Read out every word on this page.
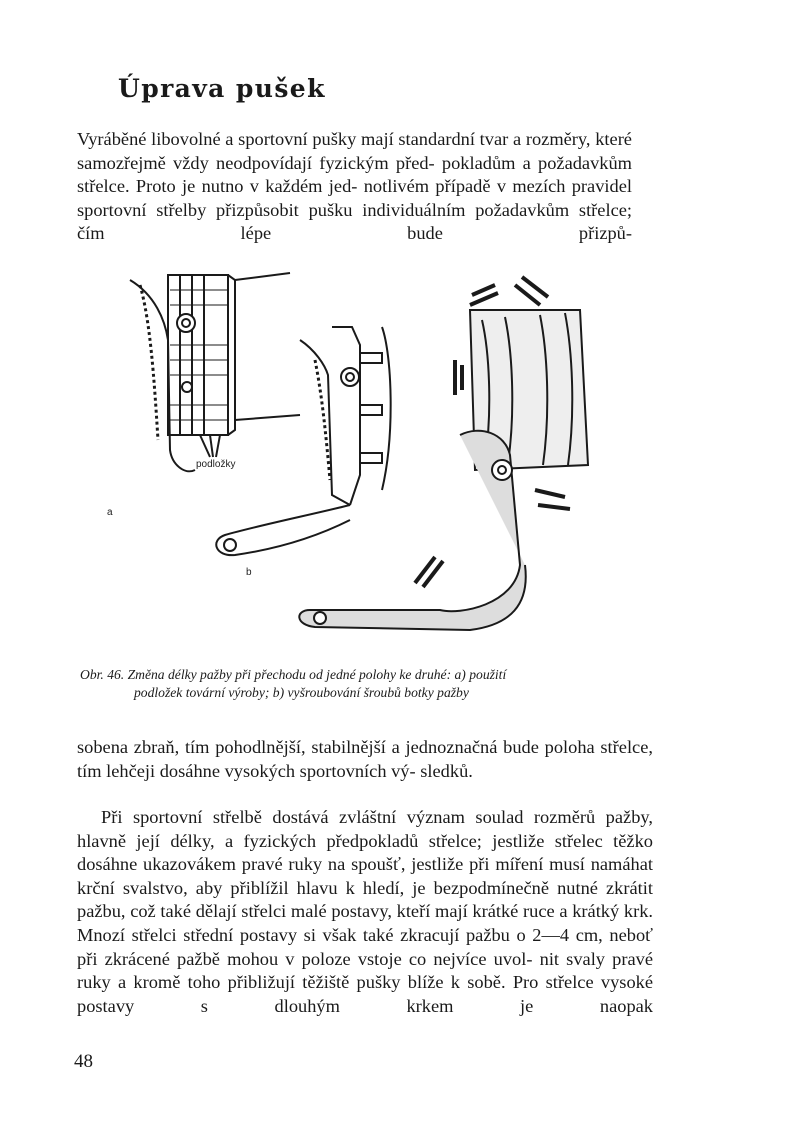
Úprava pušek

Vyráběné libovolné a sportovní pušky mají standardní tvar a rozměry, které samozřejmě vždy neodpovídají fyzickým před- pokladům a požadavkům střelce. Proto je nutno v každém jed- notlivém případě v mezích pravidel sportovní střelby přizpůsobit pušku individuálním požadavkům střelce; čím lépe bude přizpů-

a
b
podložky

Obr. 46. Změna délky pažby při přechodu od jedné polohy ke druhé: a) použití
podložek tovární výroby; b) vyšroubování šroubů botky pažby

sobena zbraň, tím pohodlnější, stabilnější a jednoznačná bude poloha střelce, tím lehčeji dosáhne vysokých sportovních vý- sledků.

Při sportovní střelbě dostává zvláštní význam soulad rozměrů pažby, hlavně její délky, a fyzických předpokladů střelce; jestliže střelec těžko dosáhne ukazovákem pravé ruky na spoušť, jestliže při míření musí namáhat krční svalstvo, aby přiblížil hlavu k hledí, je bezpodmínečně nutné zkrátit pažbu, což také dělají střelci malé postavy, kteří mají krátké ruce a krátký krk. Mnozí střelci střední postavy si však také zkracují pažbu o 2—4 cm, neboť při zkrácené pažbě mohou v poloze vstoje co nejvíce uvol- nit svaly pravé ruky a kromě toho přibližují těžiště pušky blíže k sobě. Pro střelce vysoké postavy s dlouhým krkem je naopak

48
